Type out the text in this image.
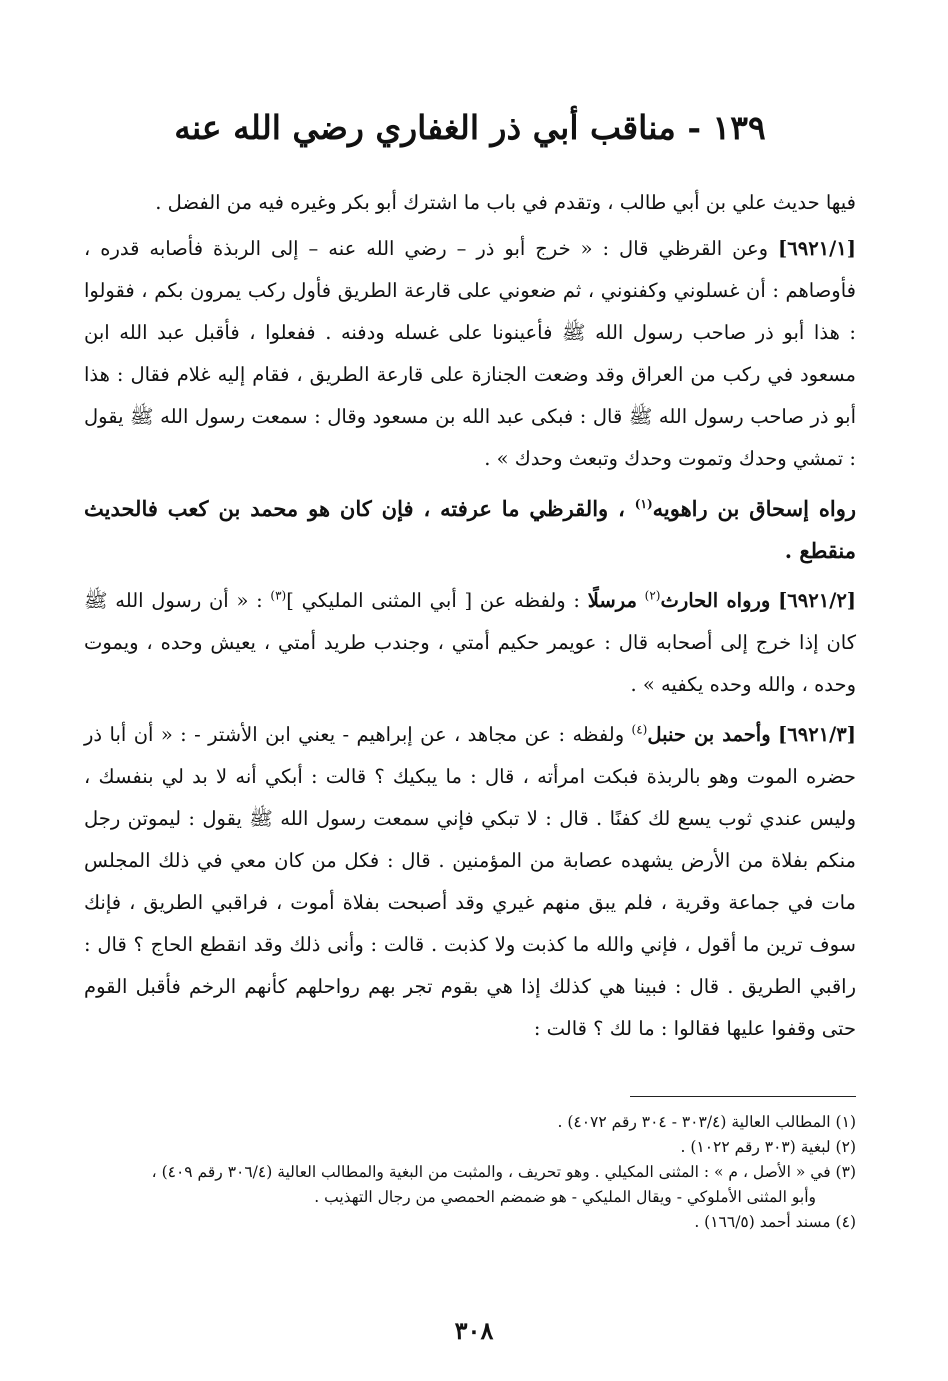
١٣٩ - مناقب أبي ذر الغفاري رضي الله عنه

فيها حديث علي بن أبي طالب ، وتقدم في باب ما اشترك أبو بكر وغيره فيه من الفضل .

[٦٩٢١/١] وعن القرظي قال : « خرج أبو ذر – رضي الله عنه – إلى الربذة فأصابه قدره ، فأوصاهم : أن غسلوني وكفنوني ، ثم ضعوني على قارعة الطريق فأول ركب يمرون بكم ، فقولوا : هذا أبو ذر صاحب رسول الله ﷺ فأعينونا على غسله ودفنه . ففعلوا ، فأقبل عبد الله ابن مسعود في ركب من العراق وقد وضعت الجنازة على قارعة الطريق ، فقام إليه غلام فقال : هذا أبو ذر صاحب رسول الله ﷺ قال : فبكى عبد الله بن مسعود وقال : سمعت رسول الله ﷺ يقول : تمشي وحدك وتموت وحدك وتبعث وحدك » .

رواه إسحاق بن راهويه$^{(١)}$ ، والقرظي ما عرفته ، فإن كان هو محمد بن كعب فالحديث منقطع .

[٦٩٢١/٢] ورواه الحارث$^{(٢)}$ مرسلًا : ولفظه عن [ أبي المثنى المليكي ]$^{(٣)}$ : « أن رسول الله ﷺ كان إذا خرج إلى أصحابه قال : عويمر حكيم أمتي ، وجندب طريد أمتي ، يعيش وحده ، ويموت وحده ، والله وحده يكفيه » .

[٦٩٢١/٣] وأحمد بن حنبل$^{(٤)}$ ولفظه : عن مجاهد ، عن إبراهيم - يعني ابن الأشتر - : « أن أبا ذر حضره الموت وهو بالربذة فبكت امرأته ، قال : ما يبكيك ؟ قالت : أبكي أنه لا بد لي بنفسك ، وليس عندي ثوب يسع لك كفنًا . قال : لا تبكي فإني سمعت رسول الله ﷺ يقول : ليموتن رجل منكم بفلاة من الأرض يشهده عصابة من المؤمنين . قال : فكل من كان معي في ذلك المجلس مات في جماعة وقرية ، فلم يبق منهم غيري وقد أصبحت بفلاة أموت ، فراقبي الطريق ، فإنك سوف ترين ما أقول ، فإني والله ما كذبت ولا كذبت . قالت : وأنى ذلك وقد انقطع الحاج ؟ قال : راقبي الطريق . قال : فبينا هي كذلك إذا هي بقوم تجر بهم رواحلهم كأنهم الرخم فأقبل القوم حتى وقفوا عليها فقالوا : ما لك ؟ قالت :

(١) المطالب العالية (٣٠٣/٤ - ٣٠٤ رقم ٤٠٧٢) .
(٢) لبغية (٣٠٣ رقم ١٠٢٢) .
(٣) في « الأصل ، م » : المثنى المكيلي . وهو تحريف ، والمثبت من البغية والمطالب العالية (٣٠٦/٤ رقم ٤٠٩) ،
وأبو المثنى الأملوكي - ويقال المليكي - هو ضمضم الحمصي من رجال التهذيب .
(٤) مسند أحمد (١٦٦/٥) .
٣٠٨
